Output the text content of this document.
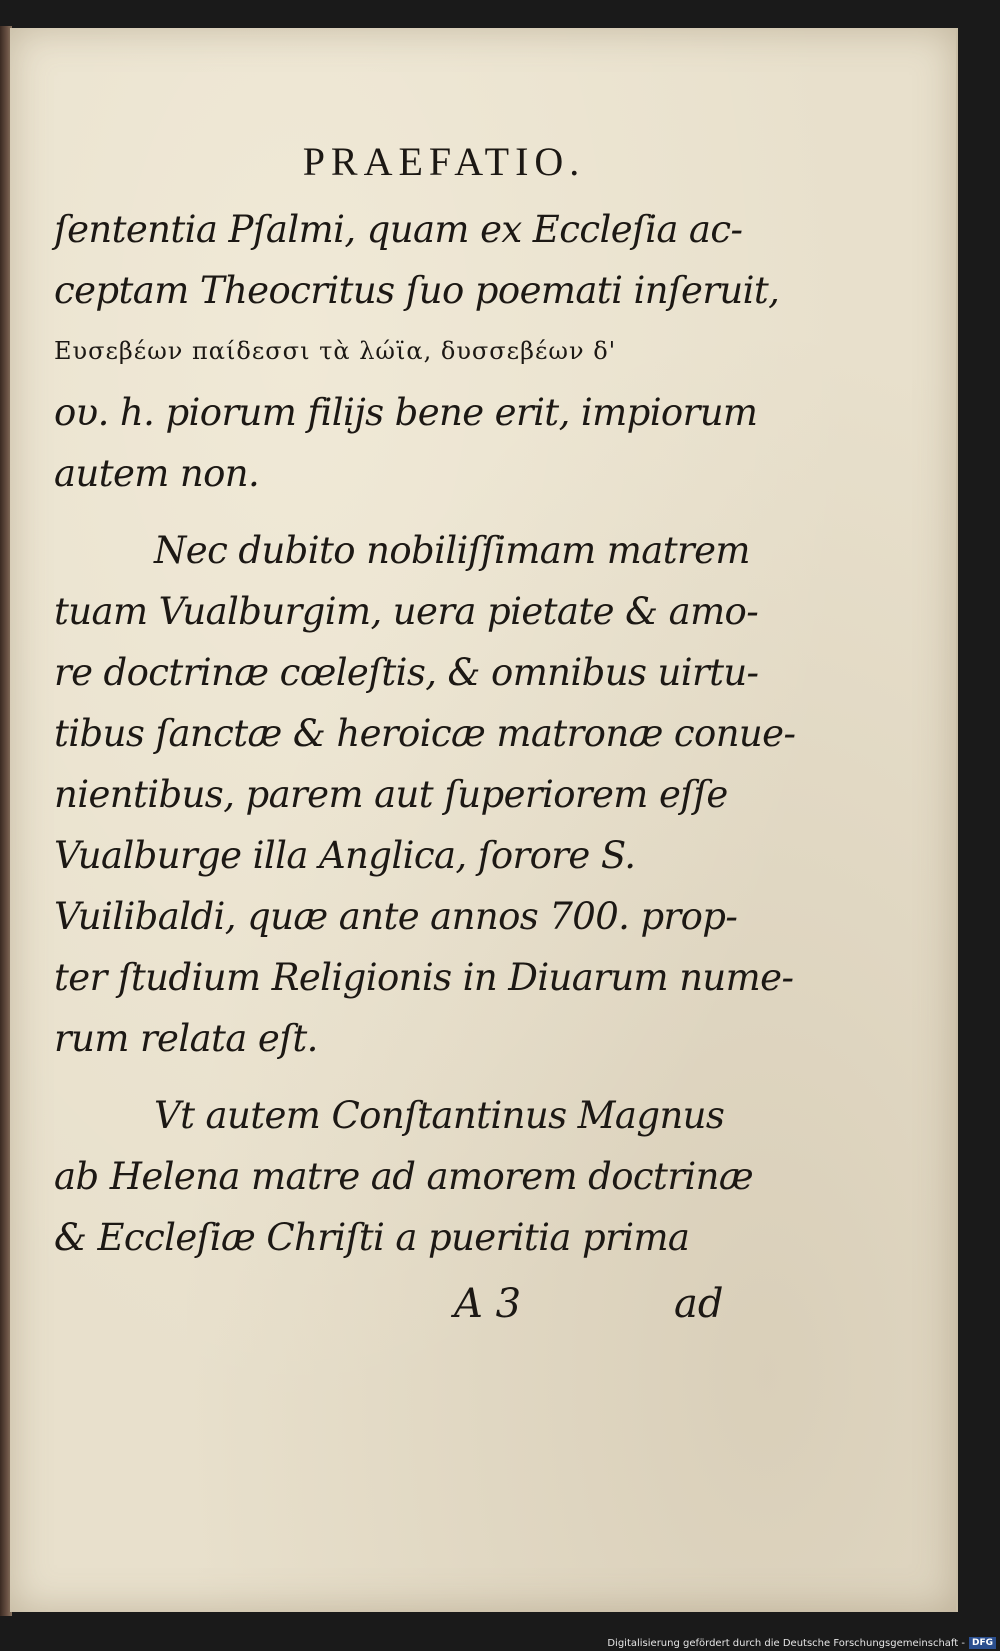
PRAEFATIO.
ſententia Pſalmi, quam ex Eccleſia ac-
ceptam Theocritus ſuo poemati inſeruit,
Ευσεβέων παίδεσσι τὰ λώϊα, δυσσεβέων δ'
ου. h. piorum filijs bene erit, impiorum
autem non.
Nec dubito nobiliſſimam matrem
tuam Vualburgim, uera pietate & amo-
re doctrinæ cœleſtis, & omnibus uirtu-
tibus ſanctæ & heroicæ matronæ conue-
nientibus, parem aut ſuperiorem eſſe
Vualburge illa Anglica, ſorore S.
Vuilibaldi, quæ ante annos 700. prop-
ter ſtudium Religionis in Diuarum nume-
rum relata eſt.
Vt autem Conſtantinus Magnus
ab Helena matre ad amorem doctrinæ
& Eccleſiæ Chriſti a pueritia prima
A 3	ad
Digitalisierung gefördert durch die Deutsche Forschungsgemeinschaft - DFG
